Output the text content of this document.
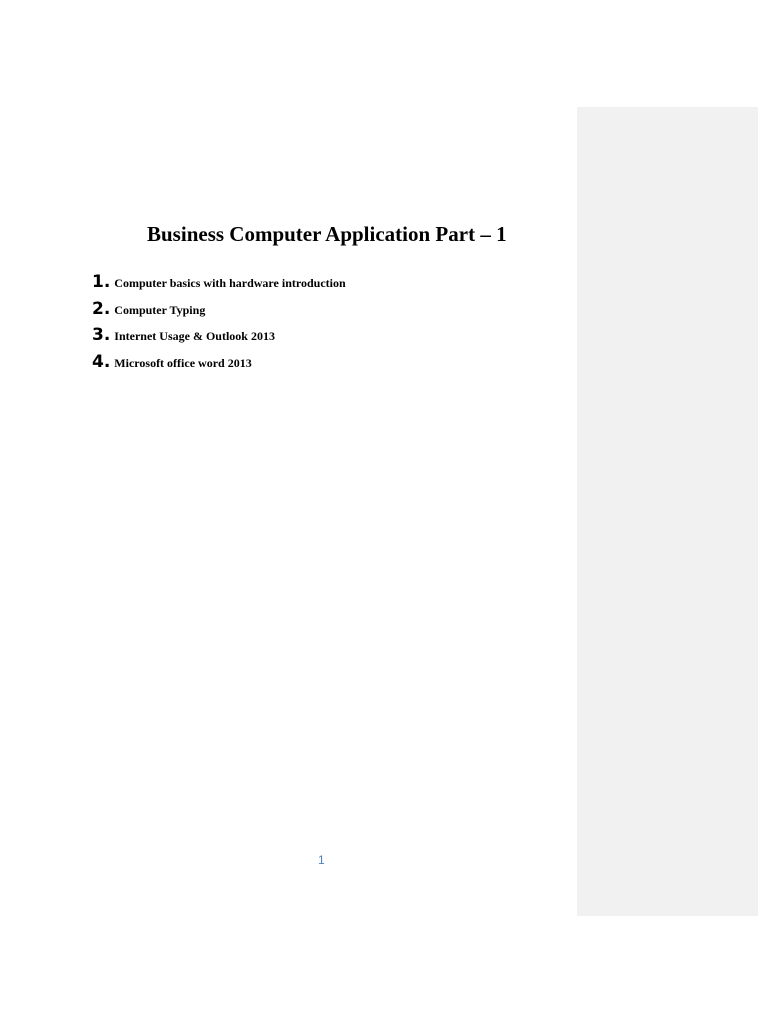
Business Computer Application Part – 1
1. Computer basics with hardware introduction
2. Computer Typing
3. Internet Usage & Outlook 2013
4. Microsoft office word 2013
1
